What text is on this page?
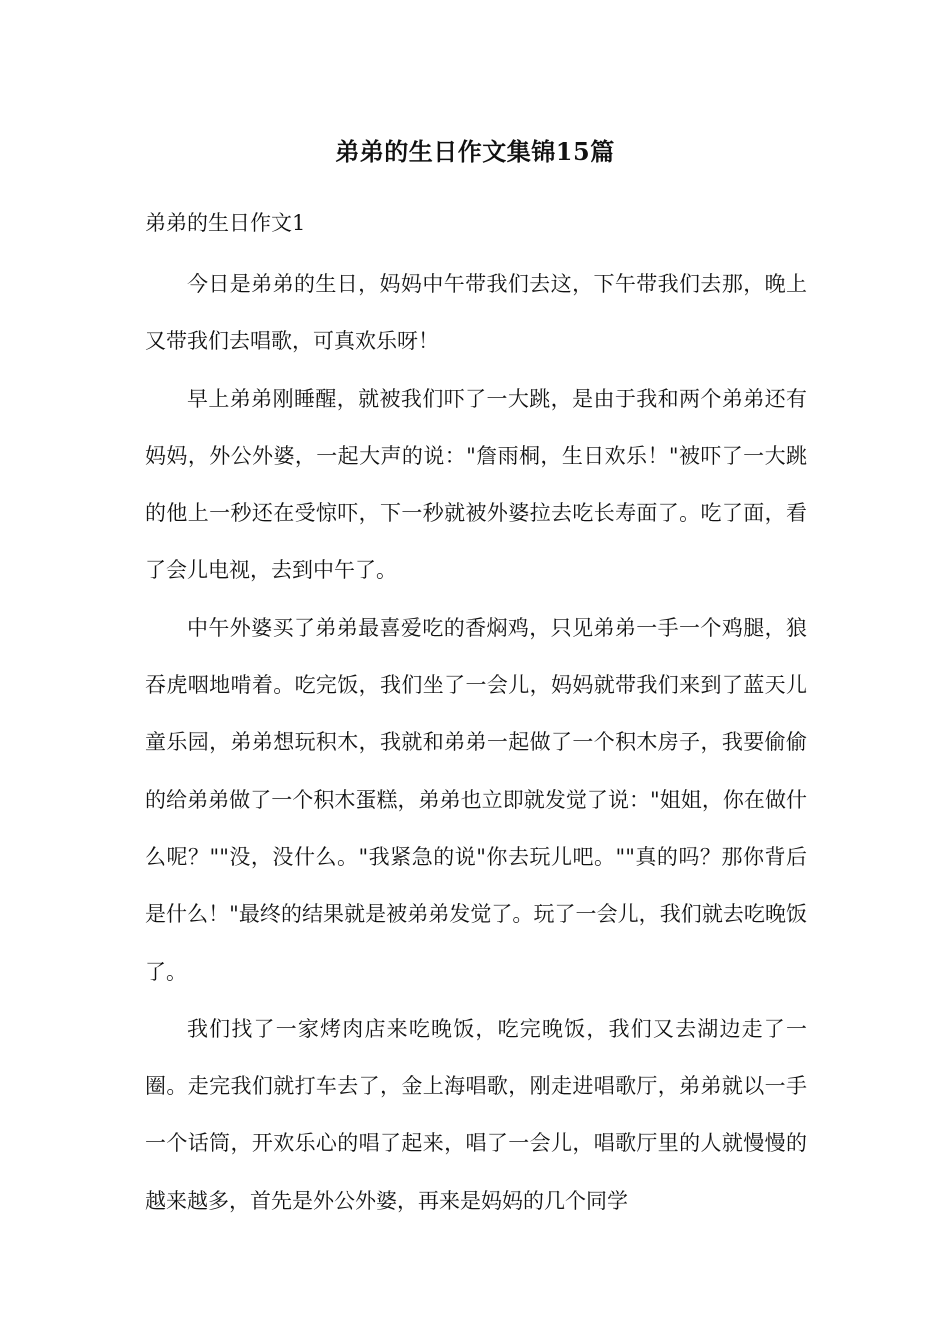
弟弟的生日作文集锦15篇
弟弟的生日作文1

今日是弟弟的生日，妈妈中午带我们去这，下午带我们去那，晚上又带我们去唱歌，可真欢乐呀！

早上弟弟刚睡醒，就被我们吓了一大跳，是由于我和两个弟弟还有妈妈，外公外婆，一起大声的说："詹雨桐，生日欢乐！"被吓了一大跳的他上一秒还在受惊吓，下一秒就被外婆拉去吃长寿面了。吃了面，看了会儿电视，去到中午了。

中午外婆买了弟弟最喜爱吃的香焖鸡，只见弟弟一手一个鸡腿，狼吞虎咽地啃着。吃完饭，我们坐了一会儿，妈妈就带我们来到了蓝天儿童乐园，弟弟想玩积木，我就和弟弟一起做了一个积木房子，我要偷偷的给弟弟做了一个积木蛋糕，弟弟也立即就发觉了说："姐姐，你在做什么呢？""没，没什么。"我紧急的说"你去玩儿吧。""真的吗？那你背后是什么！"最终的结果就是被弟弟发觉了。玩了一会儿，我们就去吃晚饭了。

我们找了一家烤肉店来吃晚饭，吃完晚饭，我们又去湖边走了一圈。走完我们就打车去了，金上海唱歌，刚走进唱歌厅，弟弟就以一手一个话筒，开欢乐心的唱了起来，唱了一会儿，唱歌厅里的人就慢慢的越来越多，首先是外公外婆，再来是妈妈的几个同学
